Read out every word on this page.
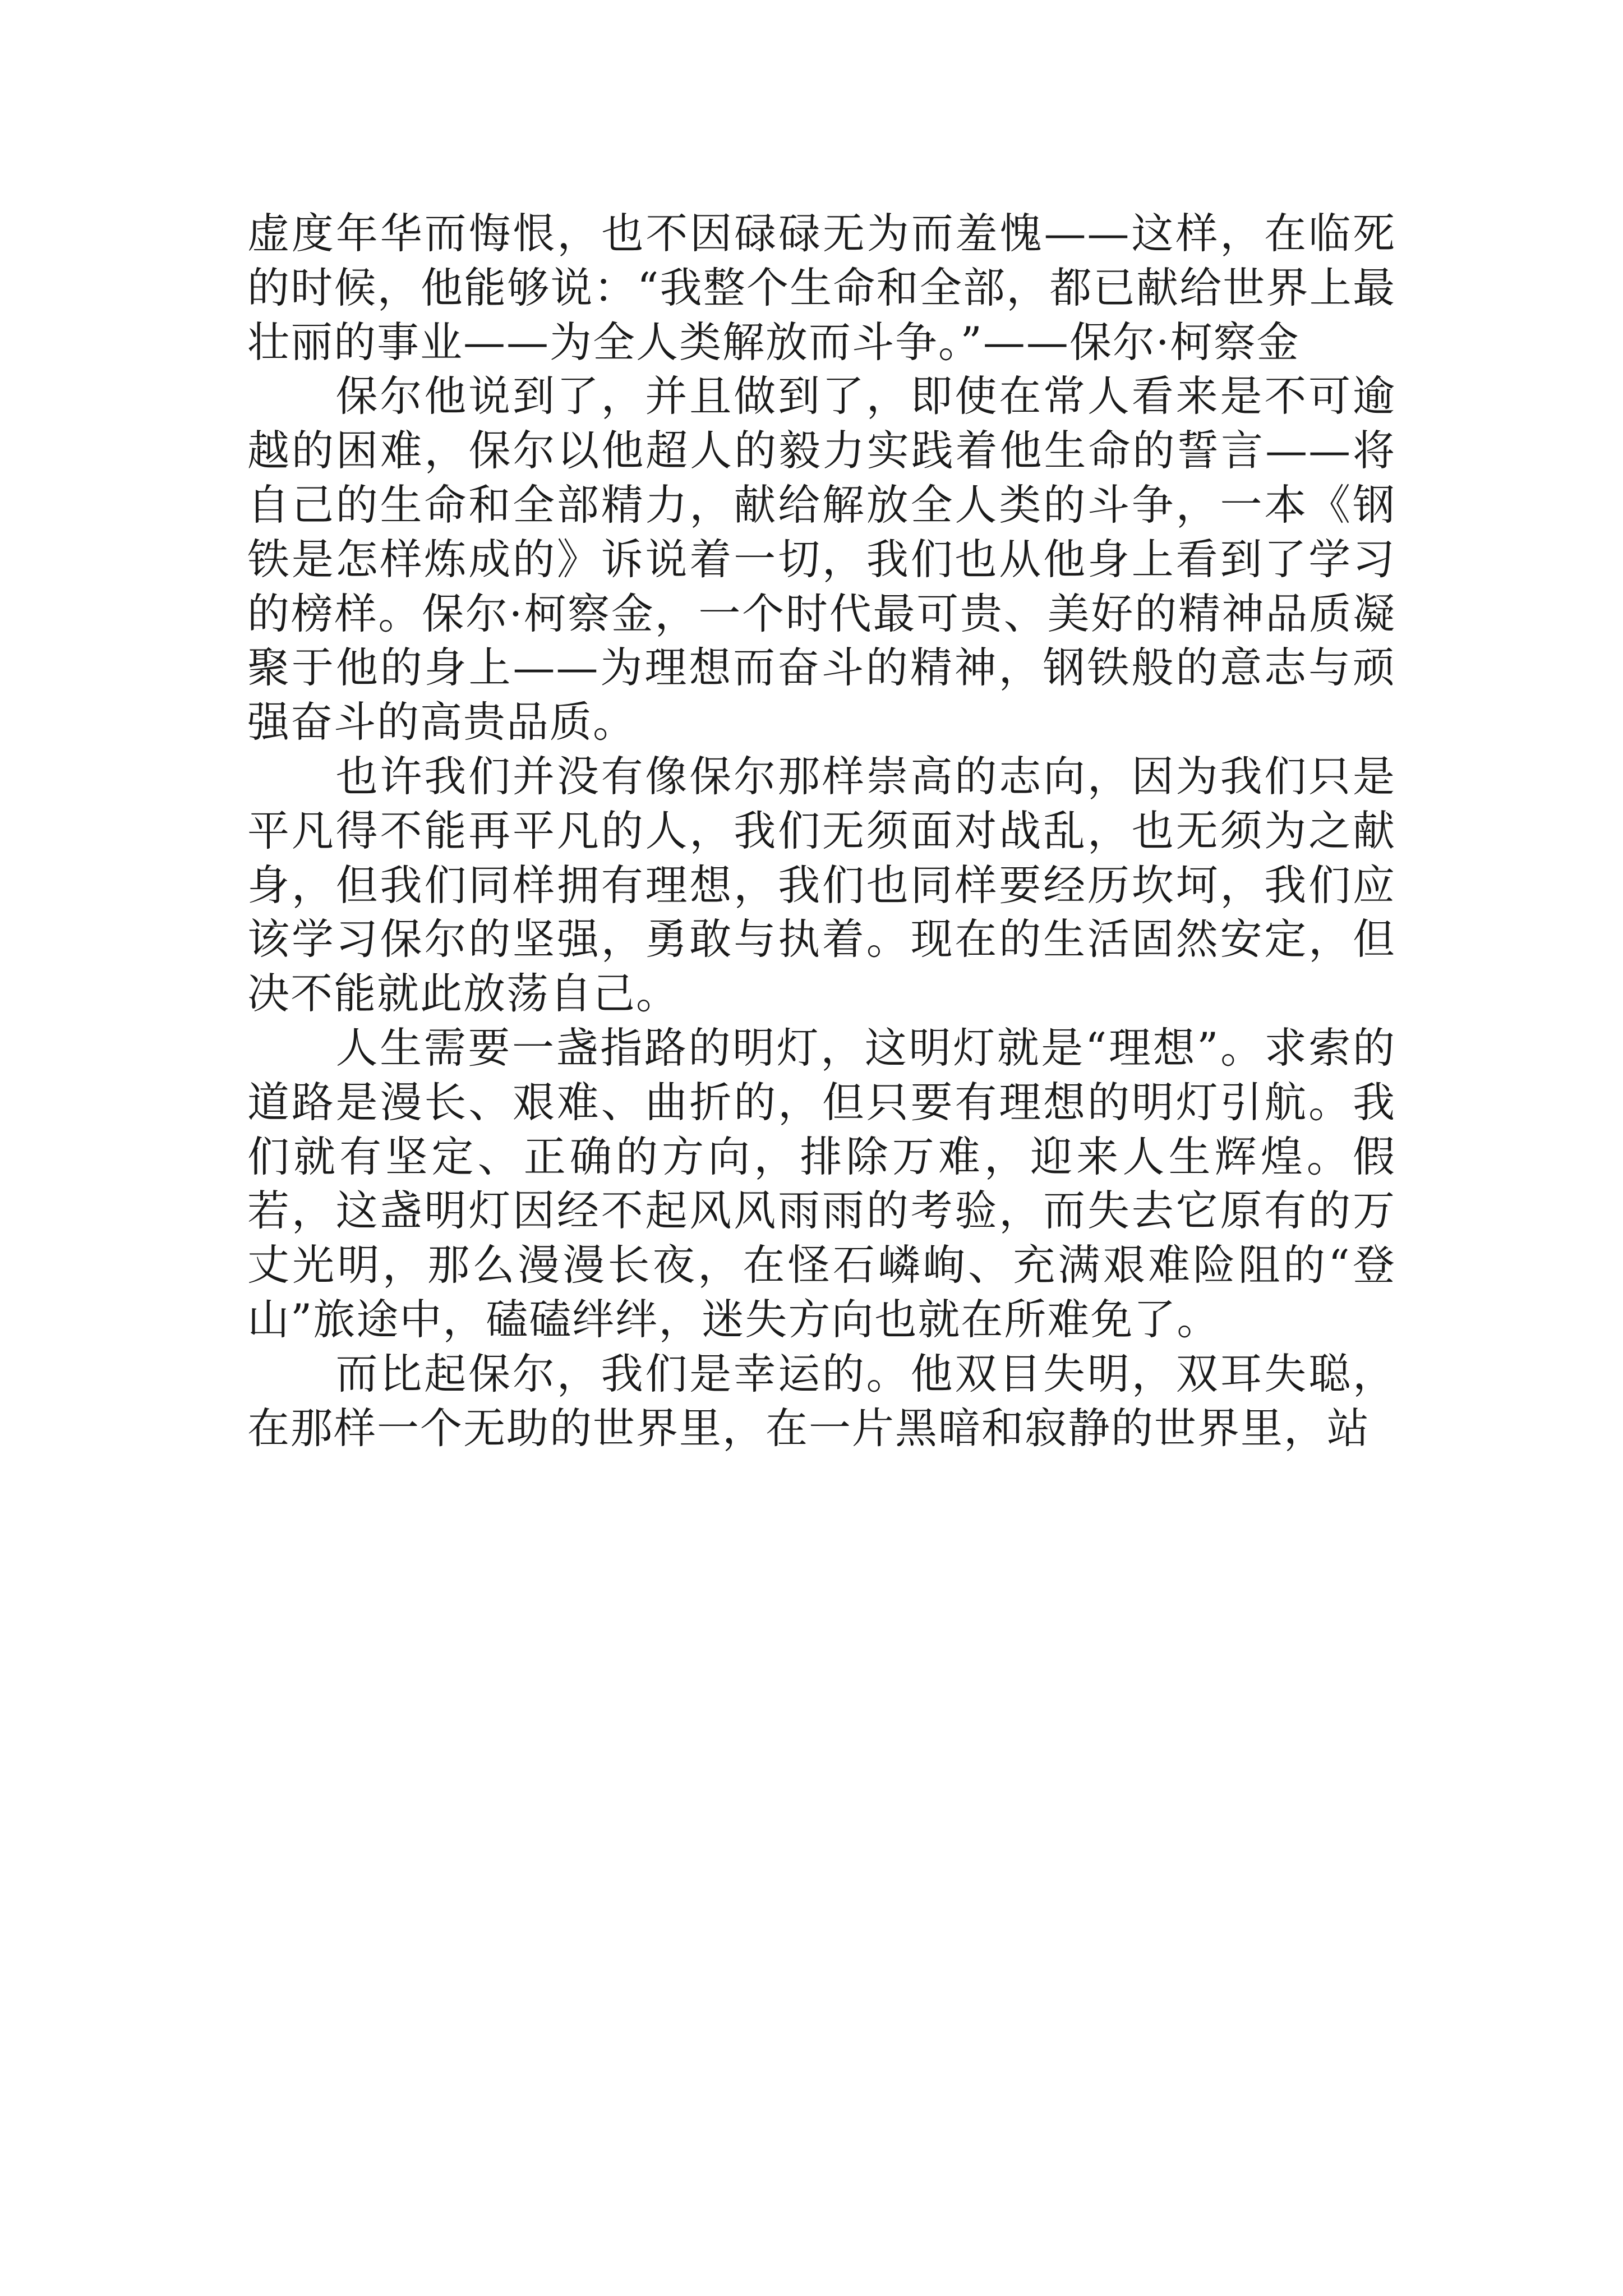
虚度年华而悔恨，也不因碌碌无为而羞愧——这样，在临死的时候，他能够说：“我整个生命和全部，都已献给世界上最壮丽的事业——为全人类解放而斗争。”——保尔·柯察金

保尔他说到了，并且做到了，即使在常人看来是不可逾越的困难，保尔以他超人的毅力实践着他生命的誓言——将自己的生命和全部精力，献给解放全人类的斗争，一本《钢铁是怎样炼成的》诉说着一切，我们也从他身上看到了学习的榜样。保尔·柯察金，一个时代最可贵、美好的精神品质凝聚于他的身上——为理想而奋斗的精神，钢铁般的意志与顽强奋斗的高贵品质。

也许我们并没有像保尔那样崇高的志向，因为我们只是平凡得不能再平凡的人，我们无须面对战乱，也无须为之献身，但我们同样拥有理想，我们也同样要经历坎坷，我们应该学习保尔的坚强，勇敢与执着。现在的生活固然安定，但决不能就此放荡自己。

人生需要一盏指路的明灯，这明灯就是“理想”。求索的道路是漫长、艰难、曲折的，但只要有理想的明灯引航。我们就有坚定、正确的方向，排除万难，迎来人生辉煌。假若，这盏明灯因经不起风风雨雨的考验，而失去它原有的万丈光明，那么漫漫长夜，在怪石嶙峋、充满艰难险阻的“登山”旅途中，磕磕绊绊，迷失方向也就在所难免了。

而比起保尔，我们是幸运的。他双目失明，双耳失聪，在那样一个无助的世界里，在一片黑暗和寂静的世界里，站
